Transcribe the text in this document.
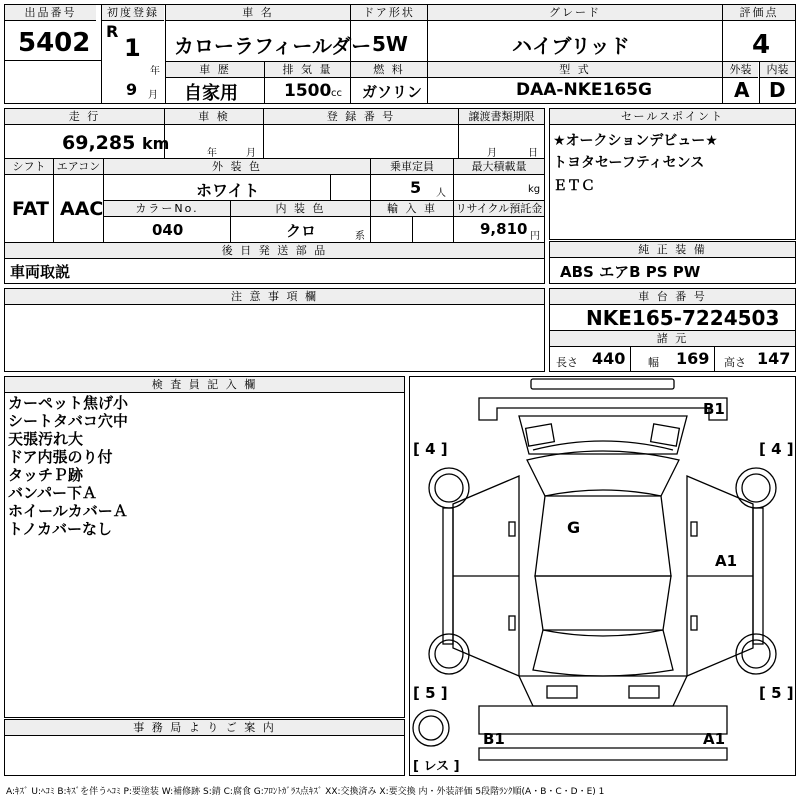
出品番号
5402
初度登録
R
1
年
9 月
車 名
カローラフィールダー
ドア形状
5W
グレード
ハイブリッド
評価点
4
車 歴
自家用
排 気 量
1500 cc
燃 料
ガソリン
型 式
DAA-NKE165G
外装	内装
A D
走 行
69,285 km
車 検
年	月
登 録 番 号	譲渡書類期限
月	日
シフト
FAT
エアコン
AAC
外 装 色
ホワイト
乗車定員
5 人
最大積載量
kg
カラーNo.
040
内 装 色
クロ	系
輸 入 車	リサイクル預託金
9,810 円
後 日 発 送 部 品
車両取説
セールスポイント
★オークションデビュー★
トヨタセーフティセンス
ＥＴＣ
純 正 装 備
ABS エアB PS PW
注 意 事 項 欄	車 台 番 号
NKE165-7224503
諸 元
長さ 440 幅 169 高さ 147
検 査 員 記 入 欄
カーペット焦げ小
シートタバコ穴中
天張汚れ大
ドア内張のり付
タッチＰ跡
バンパー下Ａ
ホイールカバーＡ
トノカバーなし
事 務 局 よ り ご 案 内
B1
[ 4 ]	[ 4 ]
G
A1
[ 5 ]	[ 5 ]
B1	A1
[ レス ]
A:ｷｽﾞ U:ﾍｺﾐ B:ｷｽﾞを伴うﾍｺﾐ P:要塗装 W:補修跡 S:錆 C:腐食 G:ﾌﾛﾝﾄｶﾞﾗｽ点ｷｽﾞ XX:交換済み X:要交換 内・外装評価 5段階ﾗﾝｸ順(A・B・C・D・E) 1
